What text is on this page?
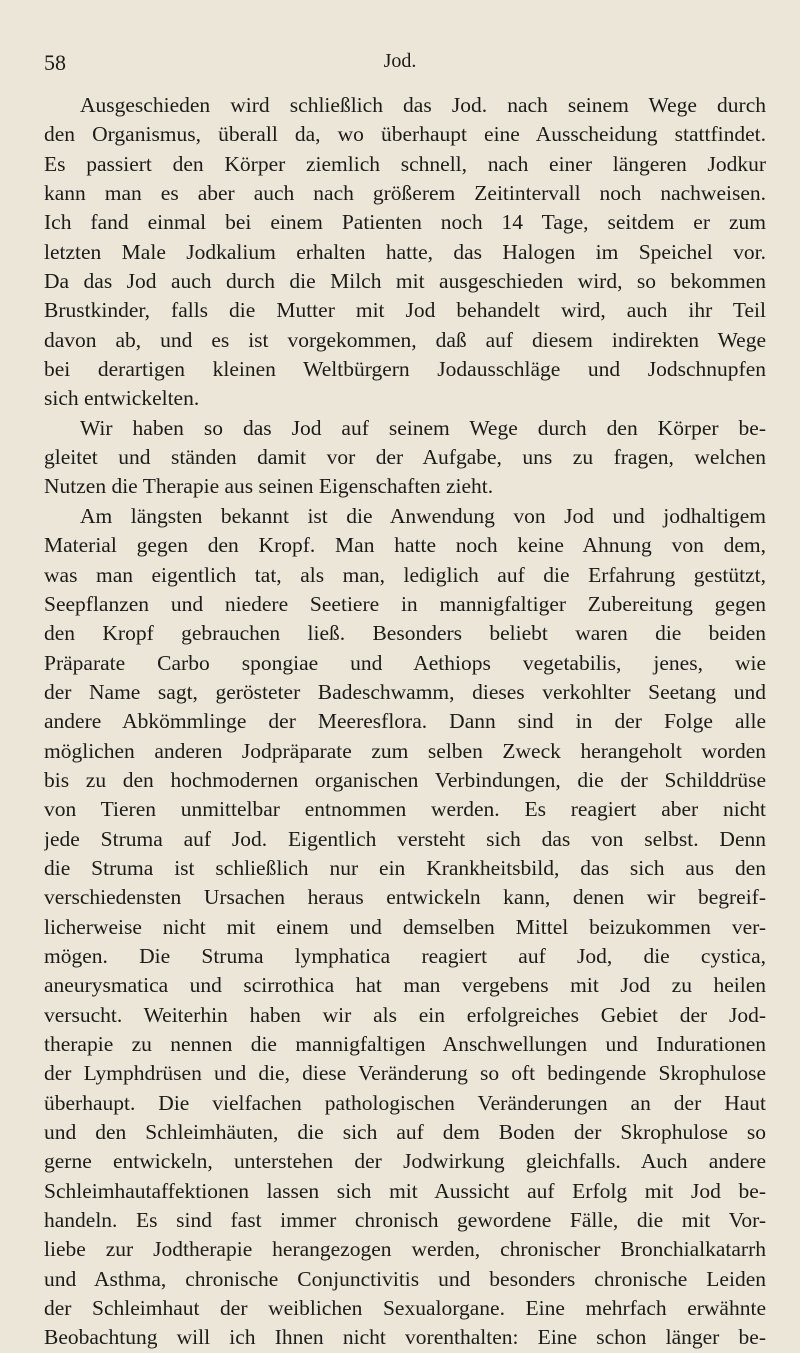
58	Jod.
Ausgeschieden wird schließlich das Jod. nach seinem Wege durch
den Organismus, überall da, wo überhaupt eine Ausscheidung stattfindet.
Es passiert den Körper ziemlich schnell, nach einer längeren Jodkur
kann man es aber auch nach größerem Zeitintervall noch nachweisen.
Ich fand einmal bei einem Patienten noch 14 Tage, seitdem er zum
letzten Male Jodkalium erhalten hatte, das Halogen im Speichel vor.
Da das Jod auch durch die Milch mit ausgeschieden wird, so bekommen
Brustkinder, falls die Mutter mit Jod behandelt wird, auch ihr Teil
davon ab, und es ist vorgekommen, daß auf diesem indirekten Wege
bei derartigen kleinen Weltbürgern Jodausschläge und Jodschnupfen
sich entwickelten.
Wir haben so das Jod auf seinem Wege durch den Körper be-
gleitet und ständen damit vor der Aufgabe, uns zu fragen, welchen
Nutzen die Therapie aus seinen Eigenschaften zieht.
Am längsten bekannt ist die Anwendung von Jod und jodhaltigem
Material gegen den Kropf. Man hatte noch keine Ahnung von dem,
was man eigentlich tat, als man, lediglich auf die Erfahrung gestützt,
Seepflanzen und niedere Seetiere in mannigfaltiger Zubereitung gegen
den Kropf gebrauchen ließ. Besonders beliebt waren die beiden
Präparate Carbo spongiae und Aethiops vegetabilis, jenes, wie
der Name sagt, gerösteter Badeschwamm, dieses verkohlter Seetang und
andere Abkömmlinge der Meeresflora. Dann sind in der Folge alle
möglichen anderen Jodpräparate zum selben Zweck herangeholt worden
bis zu den hochmodernen organischen Verbindungen, die der Schilddrüse
von Tieren unmittelbar entnommen werden. Es reagiert aber nicht
jede Struma auf Jod. Eigentlich versteht sich das von selbst. Denn
die Struma ist schließlich nur ein Krankheitsbild, das sich aus den
verschiedensten Ursachen heraus entwickeln kann, denen wir begreif-
licherweise nicht mit einem und demselben Mittel beizukommen ver-
mögen. Die Struma lymphatica reagiert auf Jod, die cystica,
aneurysmatica und scirrothica hat man vergebens mit Jod zu heilen
versucht. Weiterhin haben wir als ein erfolgreiches Gebiet der Jod-
therapie zu nennen die mannigfaltigen Anschwellungen und Indurationen
der Lymphdrüsen und die, diese Veränderung so oft bedingende Skrophulose
überhaupt. Die vielfachen pathologischen Veränderungen an der Haut
und den Schleimhäuten, die sich auf dem Boden der Skrophulose so
gerne entwickeln, unterstehen der Jodwirkung gleichfalls. Auch andere
Schleimhautaffektionen lassen sich mit Aussicht auf Erfolg mit Jod be-
handeln. Es sind fast immer chronisch gewordene Fälle, die mit Vor-
liebe zur Jodtherapie herangezogen werden, chronischer Bronchialkatarrh
und Asthma, chronische Conjunctivitis und besonders chronische Leiden
der Schleimhaut der weiblichen Sexualorgane. Eine mehrfach erwähnte
Beobachtung will ich Ihnen nicht vorenthalten: Eine schon länger be-
